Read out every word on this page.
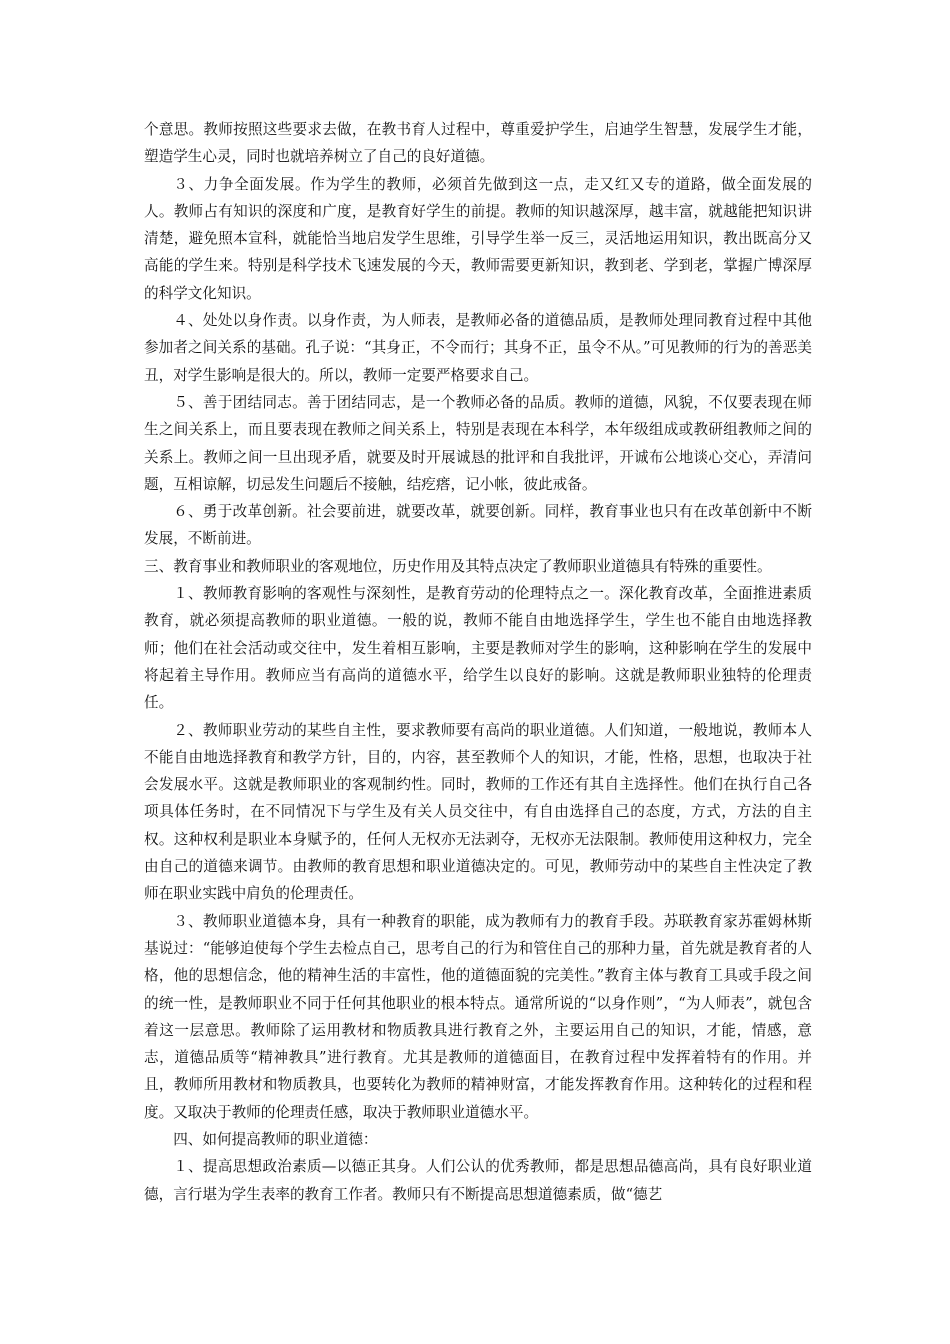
个意思。教师按照这些要求去做，在教书育人过程中，尊重爱护学生，启迪学生智慧，发展学生才能，塑造学生心灵，同时也就培养树立了自己的良好道德。

３、力争全面发展。作为学生的教师，必须首先做到这一点，走又红又专的道路，做全面发展的人。教师占有知识的深度和广度，是教育好学生的前提。教师的知识越深厚，越丰富，就越能把知识讲清楚，避免照本宣科，就能恰当地启发学生思维，引导学生举一反三，灵活地运用知识，教出既高分又高能的学生来。特别是科学技术飞速发展的今天，教师需要更新知识，教到老、学到老，掌握广博深厚的科学文化知识。

４、处处以身作责。以身作责，为人师表，是教师必备的道德品质，是教师处理同教育过程中其他参加者之间关系的基础。孔子说：“其身正，不令而行；其身不正，虽令不从。”可见教师的行为的善恶美丑，对学生影响是很大的。所以，教师一定要严格要求自己。

５、善于团结同志。善于团结同志，是一个教师必备的品质。教师的道德，风貌，不仅要表现在师生之间关系上，而且要表现在教师之间关系上，特别是表现在本科学，本年级组成或教研组教师之间的关系上。教师之间一旦出现矛盾，就要及时开展诚恳的批评和自我批评，开诚布公地谈心交心，弄清问题，互相谅解，切忌发生问题后不接触，结疙瘩，记小帐，彼此戒备。

６、勇于改革创新。社会要前进，就要改革，就要创新。同样，教育事业也只有在改革创新中不断发展，不断前进。

三、教育事业和教师职业的客观地位，历史作用及其特点决定了教师职业道德具有特殊的重要性。

１、教师教育影响的客观性与深刻性，是教育劳动的伦理特点之一。深化教育改革，全面推进素质教育，就必须提高教师的职业道德。一般的说，教师不能自由地选择学生，学生也不能自由地选择教师；他们在社会活动或交往中，发生着相互影响，主要是教师对学生的影响，这种影响在学生的发展中将起着主导作用。教师应当有高尚的道德水平，给学生以良好的影响。这就是教师职业独特的伦理责任。

２、教师职业劳动的某些自主性，要求教师要有高尚的职业道德。人们知道，一般地说，教师本人不能自由地选择教育和教学方针，目的，内容，甚至教师个人的知识，才能，性格，思想，也取决于社会发展水平。这就是教师职业的客观制约性。同时，教师的工作还有其自主选择性。他们在执行自己各项具体任务时，在不同情况下与学生及有关人员交往中，有自由选择自己的态度，方式，方法的自主权。这种权利是职业本身赋予的，任何人无权亦无法剥夺，无权亦无法限制。教师使用这种权力，完全由自己的道德来调节。由教师的教育思想和职业道德决定的。可见，教师劳动中的某些自主性决定了教师在职业实践中肩负的伦理责任。

３、教师职业道德本身，具有一种教育的职能，成为教师有力的教育手段。苏联教育家苏霍姆林斯基说过：“能够迫使每个学生去检点自己，思考自己的行为和管住自己的那种力量，首先就是教育者的人格，他的思想信念，他的精神生活的丰富性，他的道德面貌的完美性。”教育主体与教育工具或手段之间的统一性，是教师职业不同于任何其他职业的根本特点。通常所说的“以身作则”，“为人师表”，就包含着这一层意思。教师除了运用教材和物质教具进行教育之外，主要运用自己的知识，才能，情感，意志，道德品质等“精神教具”进行教育。尤其是教师的道德面目，在教育过程中发挥着特有的作用。并且，教师所用教材和物质教具，也要转化为教师的精神财富，才能发挥教育作用。这种转化的过程和程度。又取决于教师的伦理责任感，取决于教师职业道德水平。

四、如何提高教师的职业道德：

１、提高思想政治素质—以德正其身。人们公认的优秀教师，都是思想品德高尚，具有良好职业道德，言行堪为学生表率的教育工作者。教师只有不断提高思想道德素质，做“德艺
